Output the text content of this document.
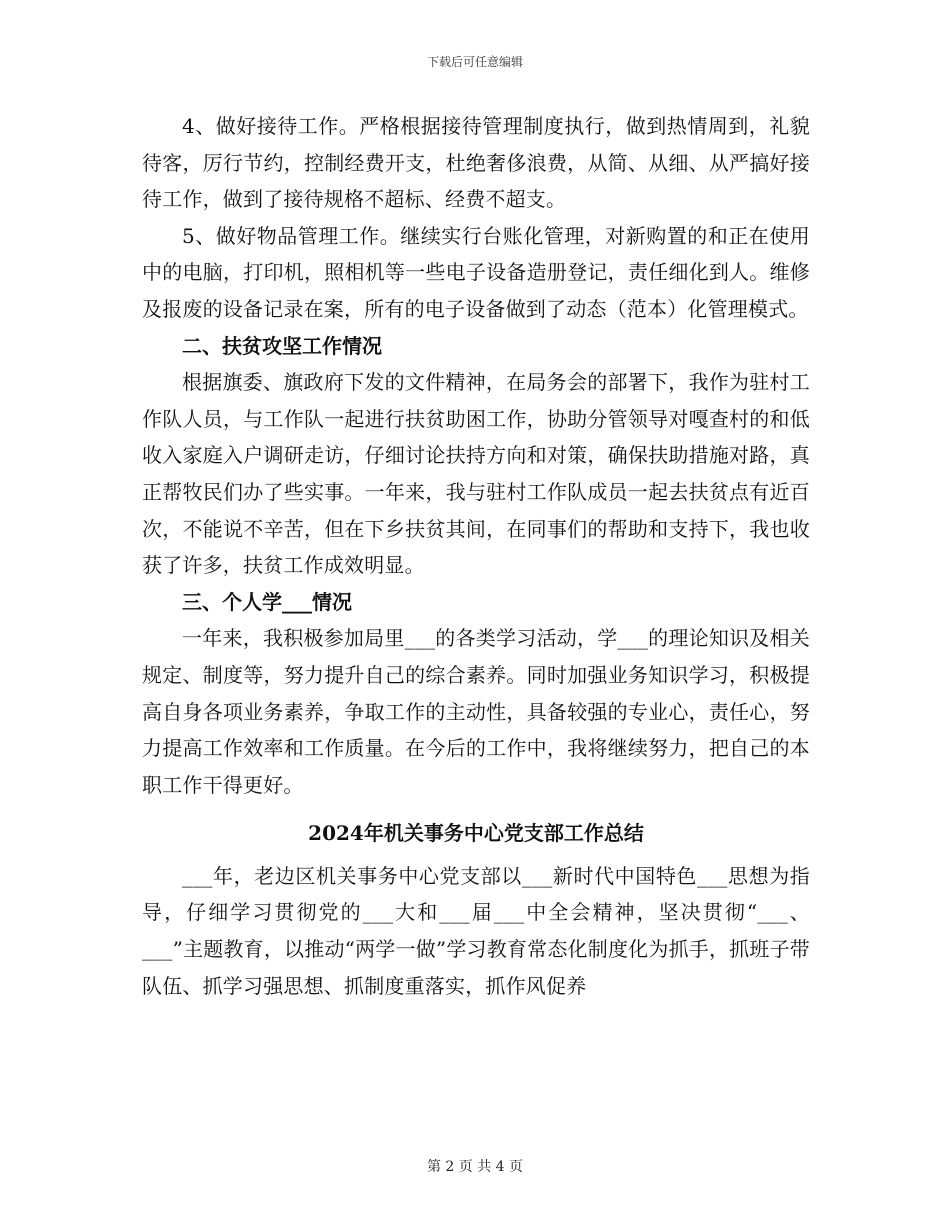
下载后可任意编辑

4、做好接待工作。严格根据接待管理制度执行，做到热情周到，礼貌待客，厉行节约，控制经费开支，杜绝奢侈浪费，从简、从细、从严搞好接待工作，做到了接待规格不超标、经费不超支。

5、做好物品管理工作。继续实行台账化管理，对新购置的和正在使用中的电脑，打印机，照相机等一些电子设备造册登记，责任细化到人。维修及报废的设备记录在案，所有的电子设备做到了动态（范本）化管理模式。

二、扶贫攻坚工作情况

根据旗委、旗政府下发的文件精神，在局务会的部署下，我作为驻村工作队人员，与工作队一起进行扶贫助困工作，协助分管领导对嘎查村的和低收入家庭入户调研走访，仔细讨论扶持方向和对策，确保扶助措施对路，真正帮牧民们办了些实事。一年来，我与驻村工作队成员一起去扶贫点有近百次，不能说不辛苦，但在下乡扶贫其间，在同事们的帮助和支持下，我也收获了许多，扶贫工作成效明显。

三、个人学___情况

一年来，我积极参加局里___的各类学习活动，学___的理论知识及相关规定、制度等，努力提升自己的综合素养。同时加强业务知识学习，积极提高自身各项业务素养，争取工作的主动性，具备较强的专业心，责任心，努力提高工作效率和工作质量。在今后的工作中，我将继续努力，把自己的本职工作干得更好。

2024年机关事务中心党支部工作总结

___年，老边区机关事务中心党支部以___新时代中国特色___思想为指导，仔细学习贯彻党的___大和___届___中全会精神，坚决贯彻“___、___”主题教育，以推动“两学一做”学习教育常态化制度化为抓手，抓班子带队伍、抓学习强思想、抓制度重落实，抓作风促养

第 2 页 共 4 页
